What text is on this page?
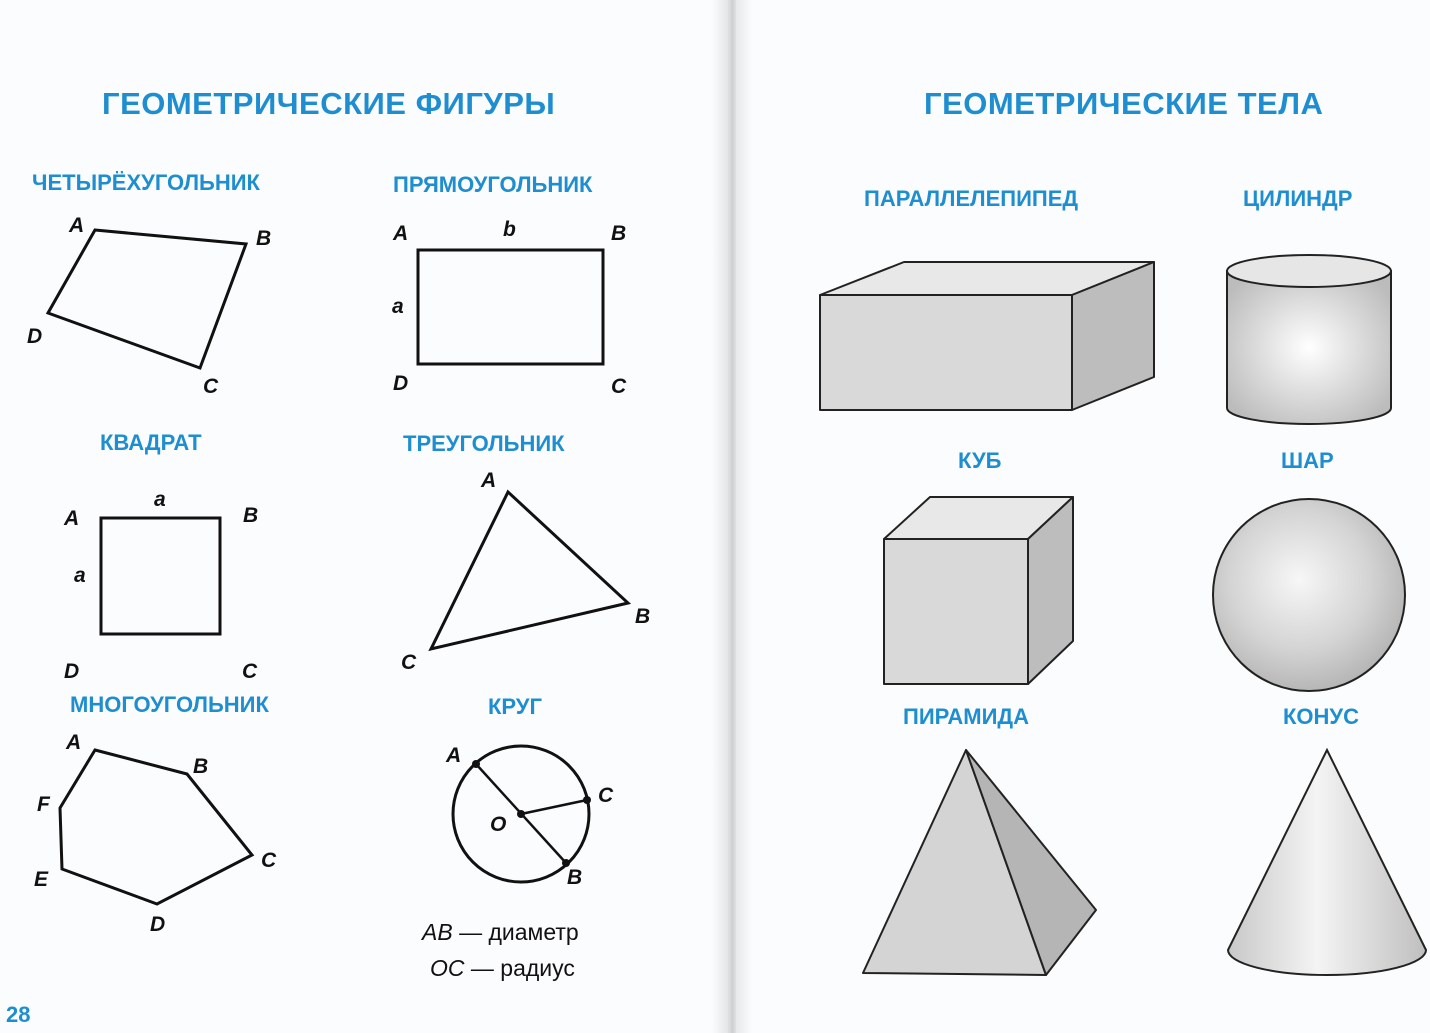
ГЕОМЕТРИЧЕСКИЕ ФИГУРЫ	ГЕОМЕТРИЧЕСКИЕ ТЕЛА
ЧЕТЫРЁХУГОЛЬНИК	ПРЯМОУГОЛЬНИК
КВАДРАТ	ТРЕУГОЛЬНИК
МНОГОУГОЛЬНИК	КРУГ
ПАРАЛЛЕЛЕПИПЕД	ЦИЛИНДР
КУБ	ШАР
ПИРАМИДА	КОНУС
A
B
C
D
A	B
C
D
b
a
A	B
C
D
a
a
A
B
C
A
B
C
D
E
F
A
C
O
B
AB — диаметр
OC — радиус
28
